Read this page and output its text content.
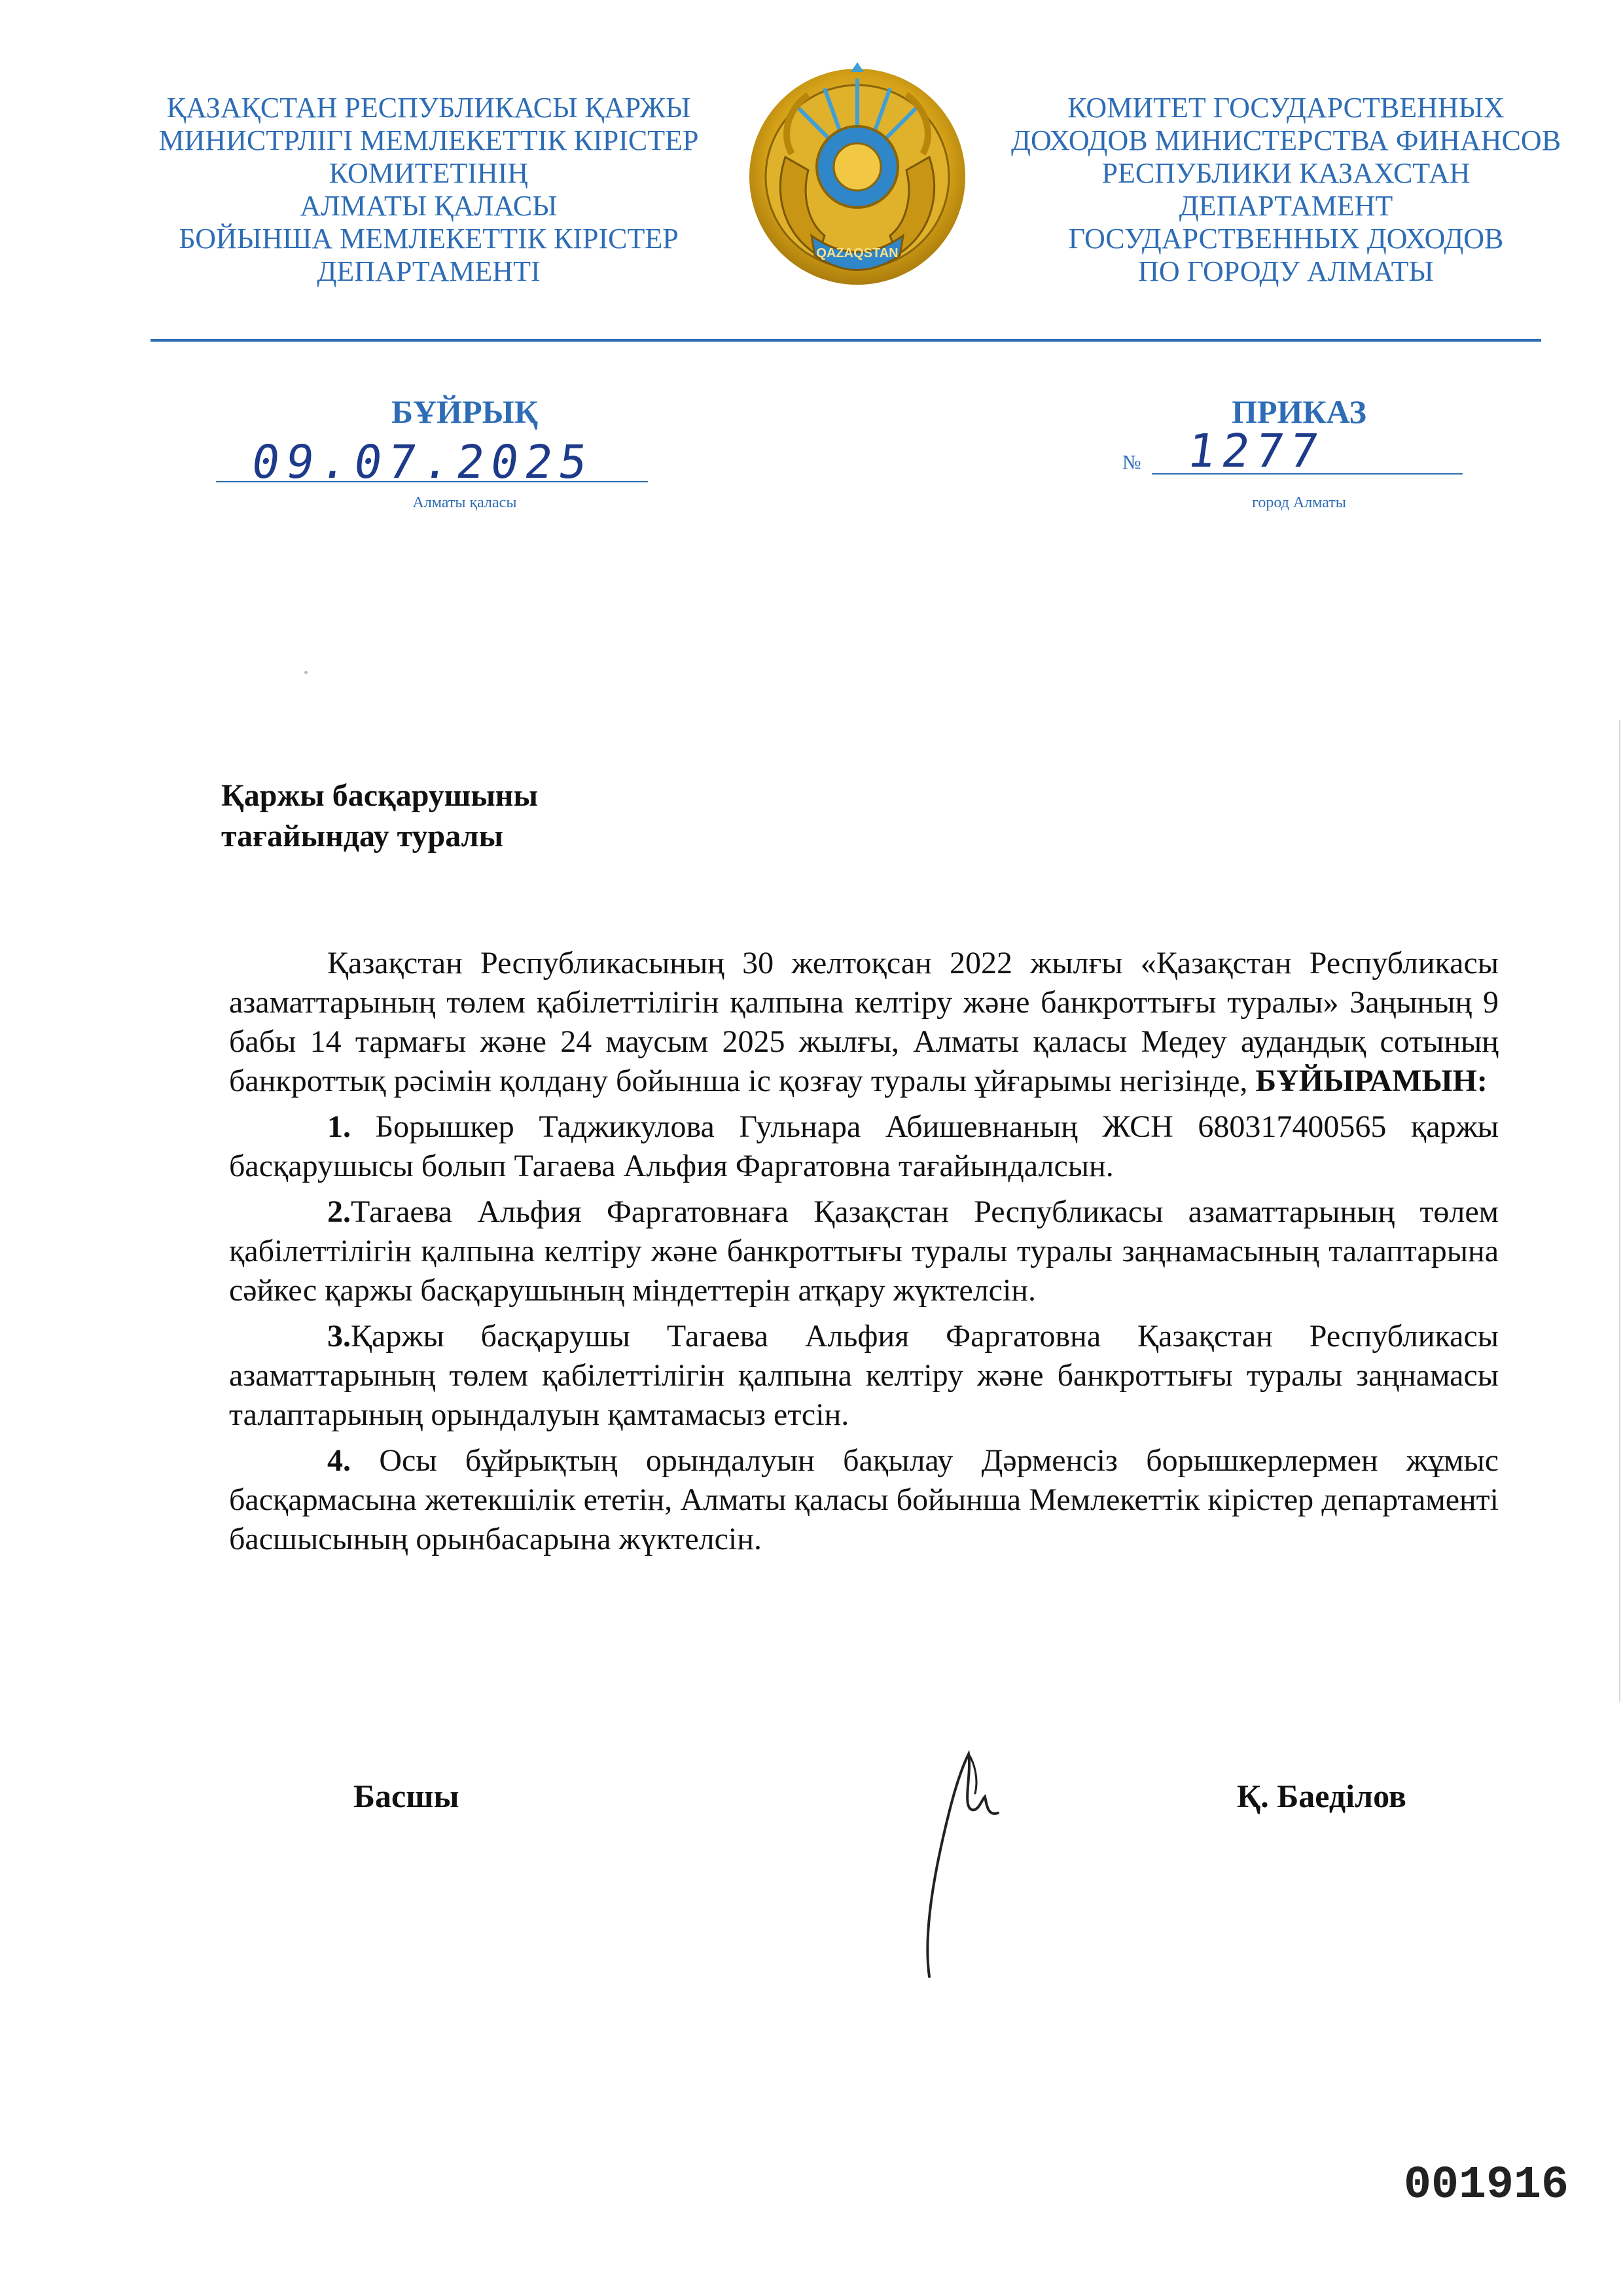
ҚАЗАҚСТАН РЕСПУБЛИКАСЫ ҚАРЖЫ
МИНИСТРЛІГІ МЕМЛЕКЕТТІК КІРІСТЕР
КОМИТЕТІНІҢ
АЛМАТЫ ҚАЛАСЫ
БОЙЫНША МЕМЛЕКЕТТІК КІРІСТЕР
ДЕПАРТАМЕНТІ
QAZAQSTAN
КОМИТЕТ ГОСУДАРСТВЕННЫХ
ДОХОДОВ МИНИСТЕРСТВА ФИНАНСОВ
РЕСПУБЛИКИ КАЗАХСТАН
ДЕПАРТАМЕНТ
ГОСУДАРСТВЕННЫХ ДОХОДОВ
ПО ГОРОДУ АЛМАТЫ
БҰЙРЫҚ	ПРИКАЗ
09.07.2025
Алматы қаласы
№ 1277
город Алматы
Қаржы басқарушыны
тағайындау туралы

Қазақстан Республикасының 30 желтоқсан 2022 жылғы «Қазақстан Республикасы азаматтарының төлем қабілеттілігін қалпына келтіру және банкроттығы туралы» Заңының 9 бабы 14 тармағы және 24 маусым 2025 жылғы, Алматы қаласы Медеу аудандық сотының банкроттық рәсімін қолдану бойынша іс қозғау туралы ұйғарымы негізінде, БҰЙЫРАМЫН:

1. Борышкер Таджикулова Гульнара Абишевнаның ЖСН 680317400565 қаржы басқарушысы болып Тагаева Альфия Фаргатовна тағайындалсын.

2.Тагаева Альфия Фаргатовнаға Қазақстан Республикасы азаматтарының төлем қабілеттілігін қалпына келтіру және банкроттығы туралы туралы заңнамасының талаптарына сәйкес қаржы басқарушының міндеттерін атқару жүктелсін.

3.Қаржы басқарушы Тагаева Альфия Фаргатовна Қазақстан Республикасы азаматтарының төлем қабілеттілігін қалпына келтіру және банкроттығы туралы заңнамасы талаптарының орындалуын қамтамасыз етсін.

4. Осы бұйрықтың орындалуын бақылау Дәрменсіз борышкерлермен жұмыс басқармасына жетекшілік ететін, Алматы қаласы бойынша Мемлекеттік кірістер департаменті басшысының орынбасарына жүктелсін.

Басшы	Қ. Баеділов
001916
